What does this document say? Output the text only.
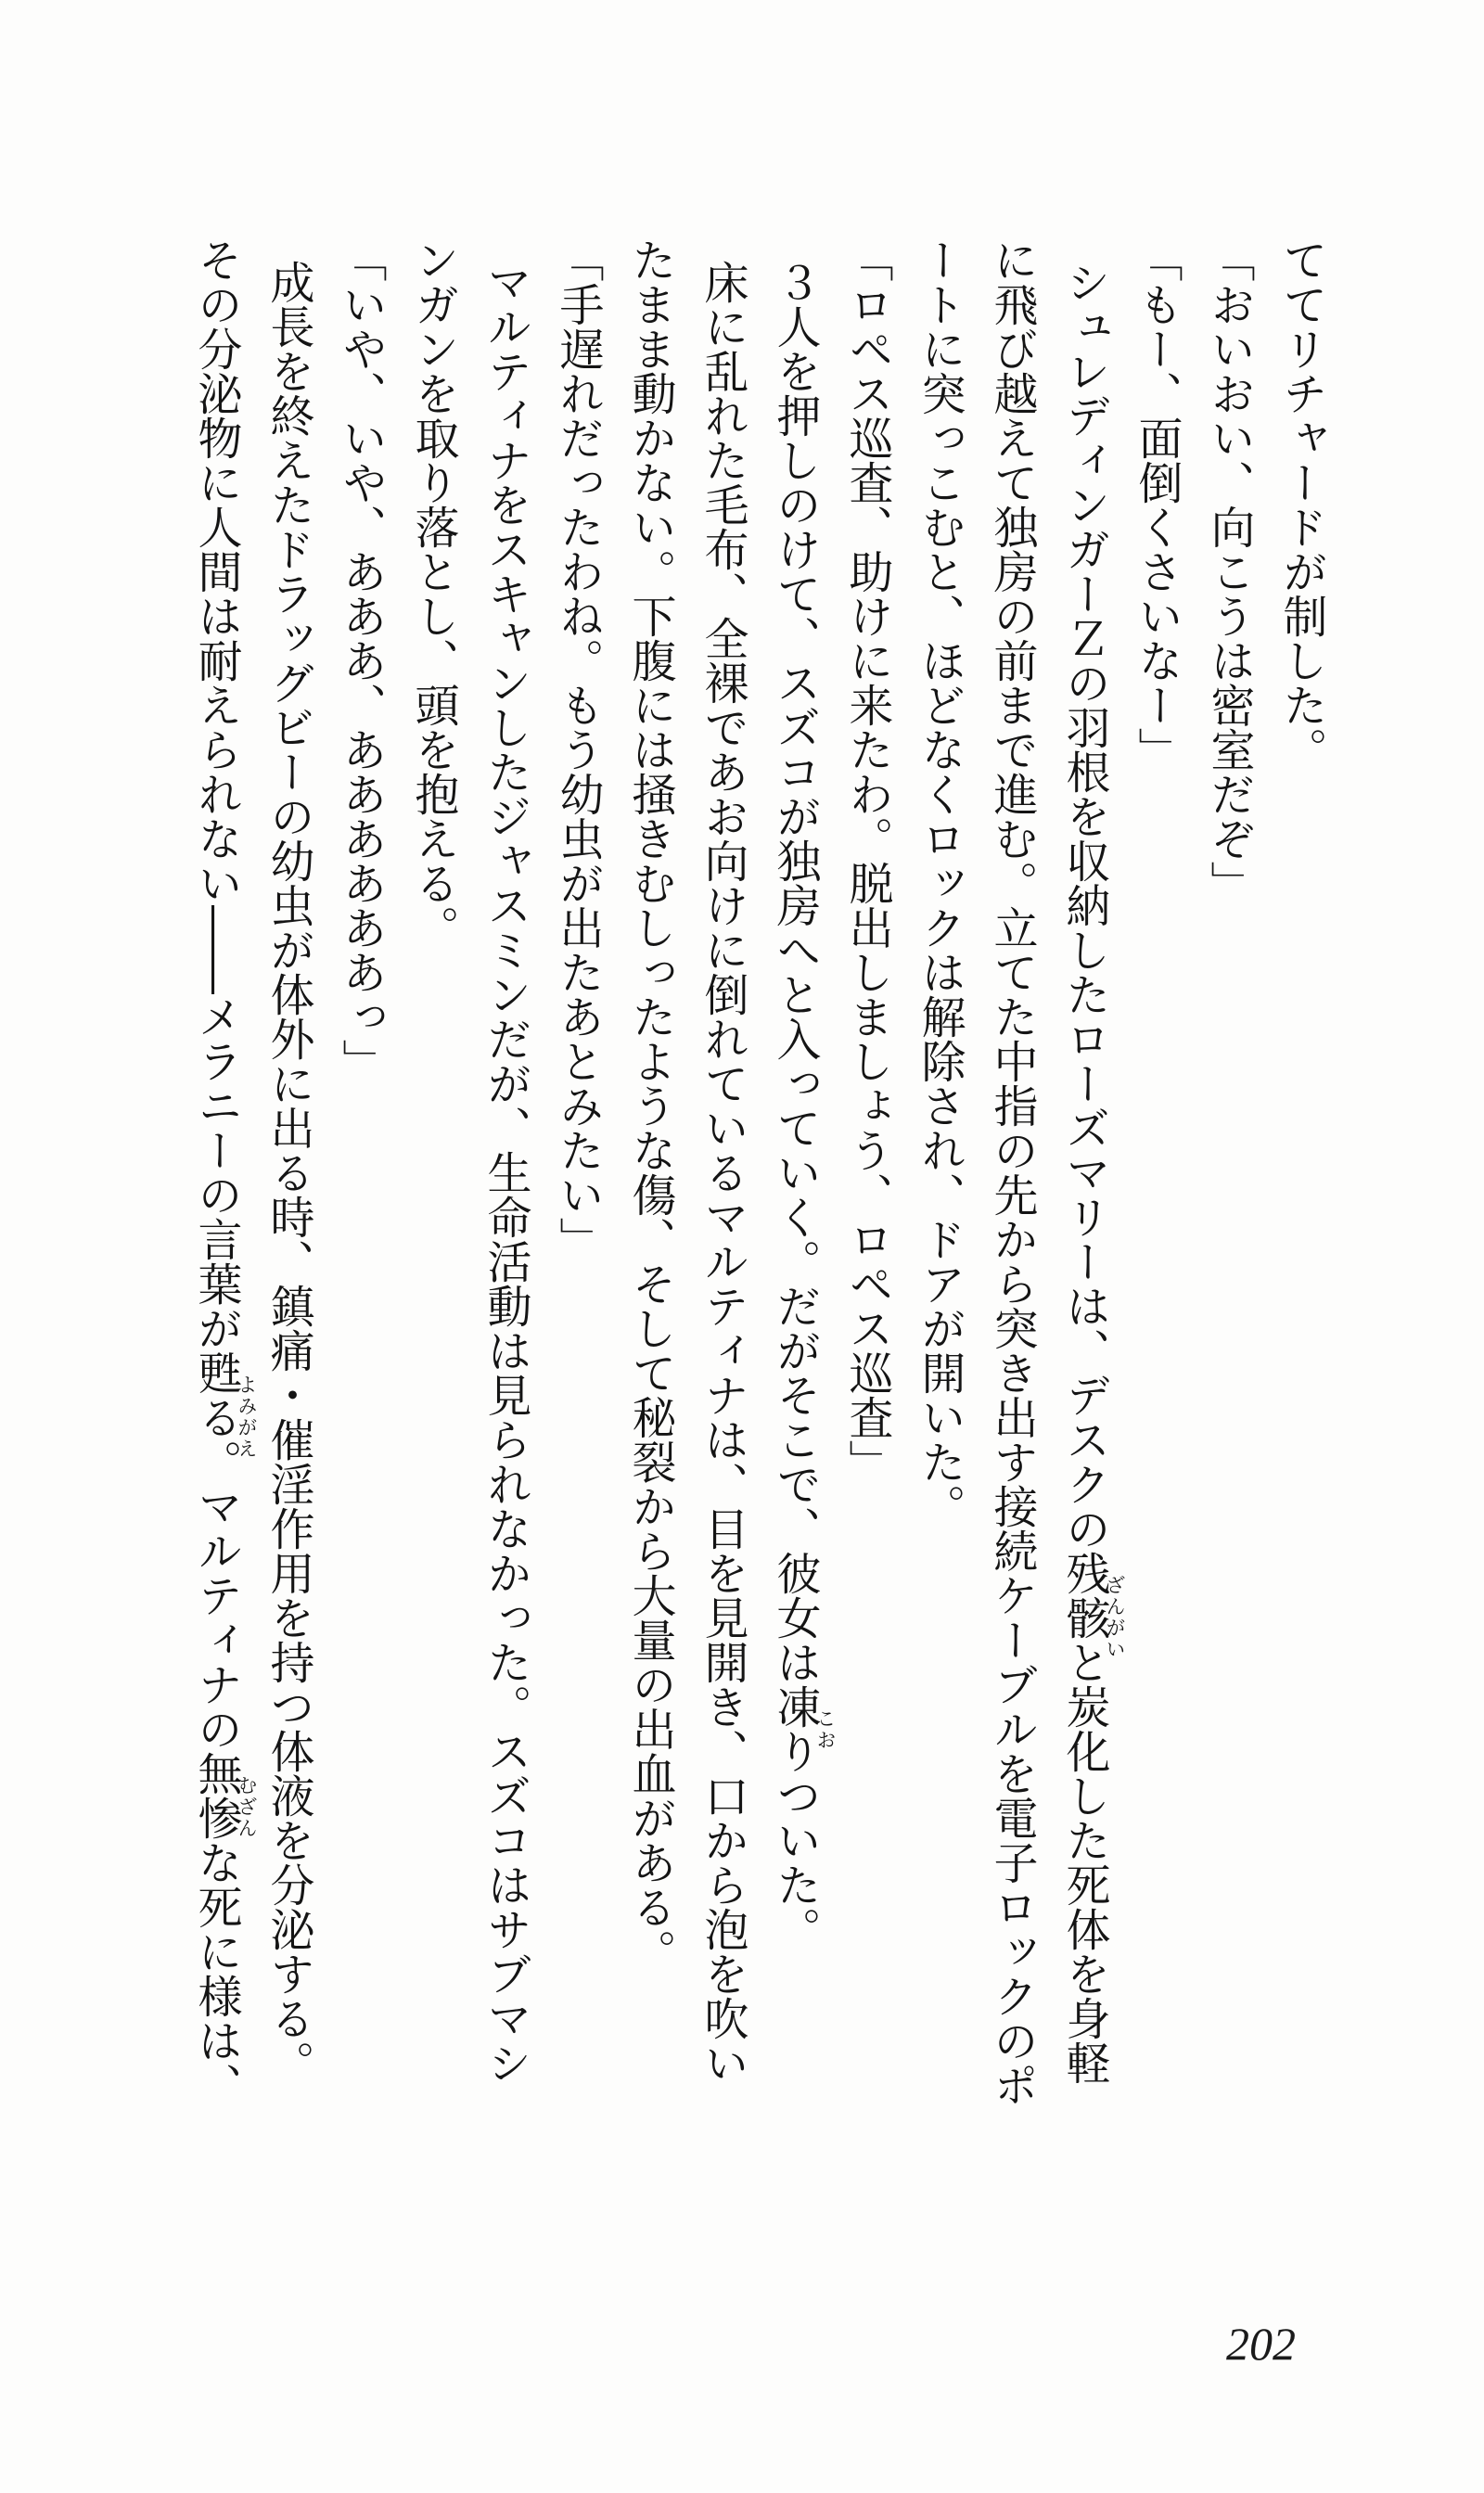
ててリチャードが制した。

「おいおい、向こうは密室だぞ」

「もー、面倒くさいなー」

シュレディンガーＺの羽根を収納したローズマリーは、デスクの残骸
ざんがい
と炭化した死体を身軽に飛び越えて独房の前まで進む。立てた中指の先から突き出す接続ケーブルを電子ロックのポートに突っこむと、ほどなくロックは解除され、ドアが開いた。

「ロペス巡査、助けに来たわ。脱出しましょう、ロペス巡査」

３人を押しのけて、スズコが独房へと入っていく。だがそこで、彼女は凍
こお
りついた。

床に乱れた毛布、全裸であお向けに倒れているマルティナは、目を見開き、口から泡を吹いたまま動かない。下腹には掻きむしったような傷、そして秘裂から大量の出血がある。

「手遅れだったわね。もう幼虫が出たあとみたい」

マルティナをスキャンしたジャスミンだが、生命活動は見られなかった。スズコはサブマシンガンを取り落とし、頭を抱える。

「いや、いや、あああ、ああああああっ」

成長を終えたドラッグビーの幼虫が体外に出る時、鎮痛・催淫作用を持つ体液を分泌する。その分泌物に人間は耐えられない――メラニーの言葉が甦
よみがえ
る。マルティナの無惨
むざん
な死に様は、

202
